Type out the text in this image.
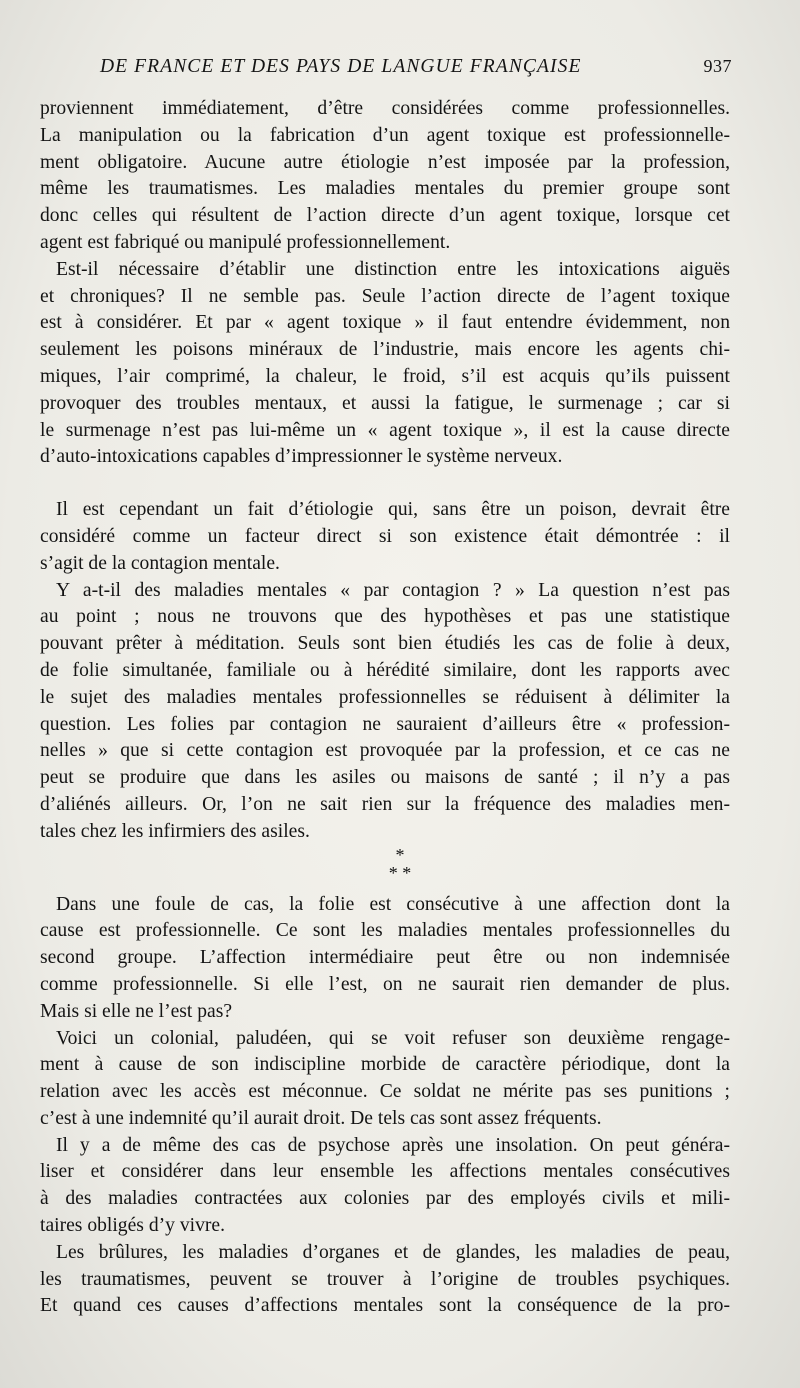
DE FRANCE ET DES PAYS DE LANGUE FRANÇAISE	937
proviennent immédiatement, d’être considérées comme professionnelles.
La manipulation ou la fabrication d’un agent toxique est professionnelle-
ment obligatoire. Aucune autre étiologie n’est imposée par la profession,
même les traumatismes. Les maladies mentales du premier groupe sont
donc celles qui résultent de l’action directe d’un agent toxique, lorsque cet
agent est fabriqué ou manipulé professionnellement.
Est-il nécessaire d’établir une distinction entre les intoxications aiguës
et chroniques? Il ne semble pas. Seule l’action directe de l’agent toxique
est à considérer. Et par « agent toxique » il faut entendre évidemment, non
seulement les poisons minéraux de l’industrie, mais encore les agents chi-
miques, l’air comprimé, la chaleur, le froid, s’il est acquis qu’ils puissent
provoquer des troubles mentaux, et aussi la fatigue, le surmenage ; car si
le surmenage n’est pas lui-même un « agent toxique », il est la cause directe
d’auto-intoxications capables d’impressionner le système nerveux.
Il est cependant un fait d’étiologie qui, sans être un poison, devrait être
considéré comme un facteur direct si son existence était démontrée : il
s’agit de la contagion mentale.
Y a-t-il des maladies mentales « par contagion ? » La question n’est pas
au point ; nous ne trouvons que des hypothèses et pas une statistique
pouvant prêter à méditation. Seuls sont bien étudiés les cas de folie à deux,
de folie simultanée, familiale ou à hérédité similaire, dont les rapports avec
le sujet des maladies mentales professionnelles se réduisent à délimiter la
question. Les folies par contagion ne sauraient d’ailleurs être « profession-
nelles » que si cette contagion est provoquée par la profession, et ce cas ne
peut se produire que dans les asiles ou maisons de santé ; il n’y a pas
d’aliénés ailleurs. Or, l’on ne sait rien sur la fréquence des maladies men-
tales chez les infirmiers des asiles.
*
* *
Dans une foule de cas, la folie est consécutive à une affection dont la
cause est professionnelle. Ce sont les maladies mentales professionnelles du
second groupe. L’affection intermédiaire peut être ou non indemnisée
comme professionnelle. Si elle l’est, on ne saurait rien demander de plus.
Mais si elle ne l’est pas?
Voici un colonial, paludéen, qui se voit refuser son deuxième rengage-
ment à cause de son indiscipline morbide de caractère périodique, dont la
relation avec les accès est méconnue. Ce soldat ne mérite pas ses punitions ;
c’est à une indemnité qu’il aurait droit. De tels cas sont assez fréquents.
Il y a de même des cas de psychose après une insolation. On peut généra-
liser et considérer dans leur ensemble les affections mentales consécutives
à des maladies contractées aux colonies par des employés civils et mili-
taires obligés d’y vivre.
Les brûlures, les maladies d’organes et de glandes, les maladies de peau,
les traumatismes, peuvent se trouver à l’origine de troubles psychiques.
Et quand ces causes d’affections mentales sont la conséquence de la pro-
